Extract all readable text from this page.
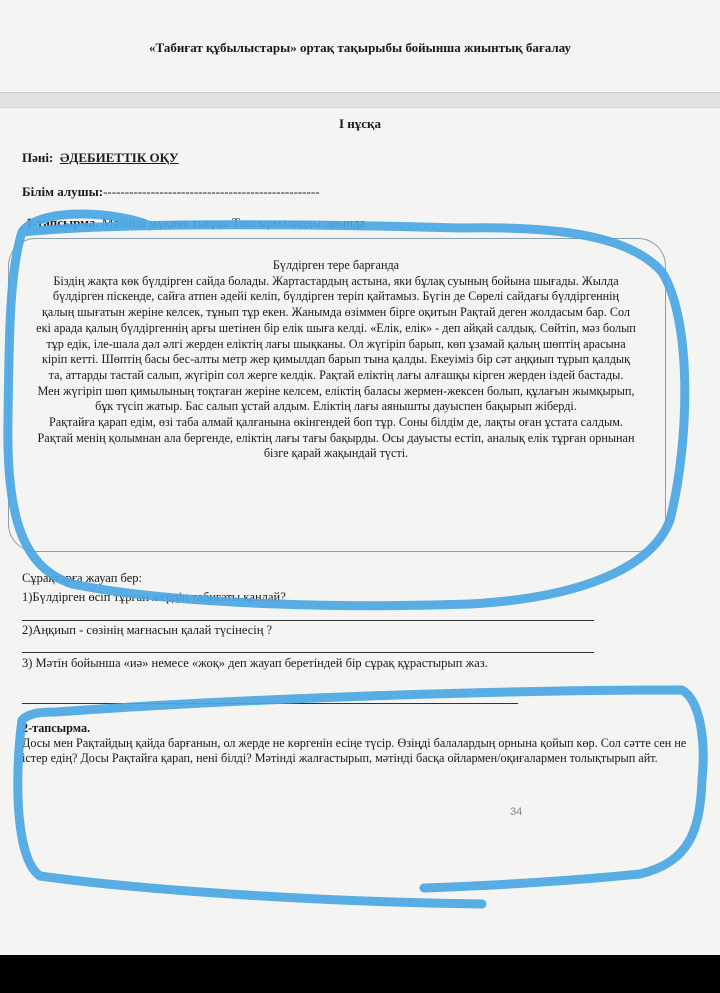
«Табиғат құбылыстары» ортақ тақырыбы бойынша жиынтық бағалау
І нұсқа
Пәні: ӘДЕБИЕТТІК ОҚУ
Білім алушы:--------------------------------------------------
1-тапсырма. Мәтінді мұқият тыңда. Тапсырмаларды орында

Бүлдірген тере барғанда

Біздің жақта көк бүлдірген сайда болады. Жартастардың астына, яки бұлақ суының бойына шығады. Жылда бүлдірген піскенде, сайға атпен әдейі келіп, бүлдірген теріп қайтамыз. Бүгін де Сөрелі сайдағы бүлдіргеннің қалың шығатын жеріне келсек, тұнып тұр екен. Жанымда өзіммен бірге оқитын Рақтай деген жолдасым бар. Сол екі арада қалың бүлдіргеннің арғы шетінен бір елік шыға келді. «Елік, елік» - деп айқай салдық. Сөйтіп, мәз болып тұр едік, іле-шала дәл әлгі жерден еліктің лағы шықканы. Ол жүгіріп барып, көп ұзамай қалың шөптің арасына кіріп кетті. Шөптің басы бес-алты метр жер қимылдап барып тына қалды. Екеуіміз бір сәт аңқиып тұрып қалдық та, аттарды тастай салып, жүгіріп сол жерге келдік. Рақтай еліктің лағы алғашқы кірген жерден іздей бастады. Мен жүгіріп шөп қимылының тоқтаған жеріне келсем, еліктің баласы жермен-жексен болып, құлағын жымқырып, бұк түсіп жатыр. Бас салып ұстай алдым. Еліктің лағы аянышты дауыспен бақырып жіберді.

Рақтайға қарап едім, өзі таба алмай қалғанына өкінгендей боп тұр. Соны білдім де, лақты оған ұстата салдым. Рақтай менің қолымнан ала бергенде, еліктің лағы тағы бақырды. Осы дауысты естіп, аналық елік тұрған орнынан бізге қарай жақындай түсті.

Сұрақтарға жауап бер:
1)Бүлдірген өсіп тұрған жердің табиғаты қандай?
2)Аңқиып - сөзінің мағнасын қалай түсінесің ?
3) Мәтін бойынша «иә» немесе «жоқ» деп жауап беретіндей бір сұрақ құрастырып жаз.
2-тапсырма.
Досы мен Рақтайдың қайда барғанын, ол жерде не көргенін есіңе түсір. Өзіңді балалардың орнына қойып көр. Сол сәтте сен не істер едің? Досы Рақтайға қарап, нені білді? Мәтінді жалғастырып, мәтінді басқа ойлармен/оқиғалармен толықтырып айт.
34
